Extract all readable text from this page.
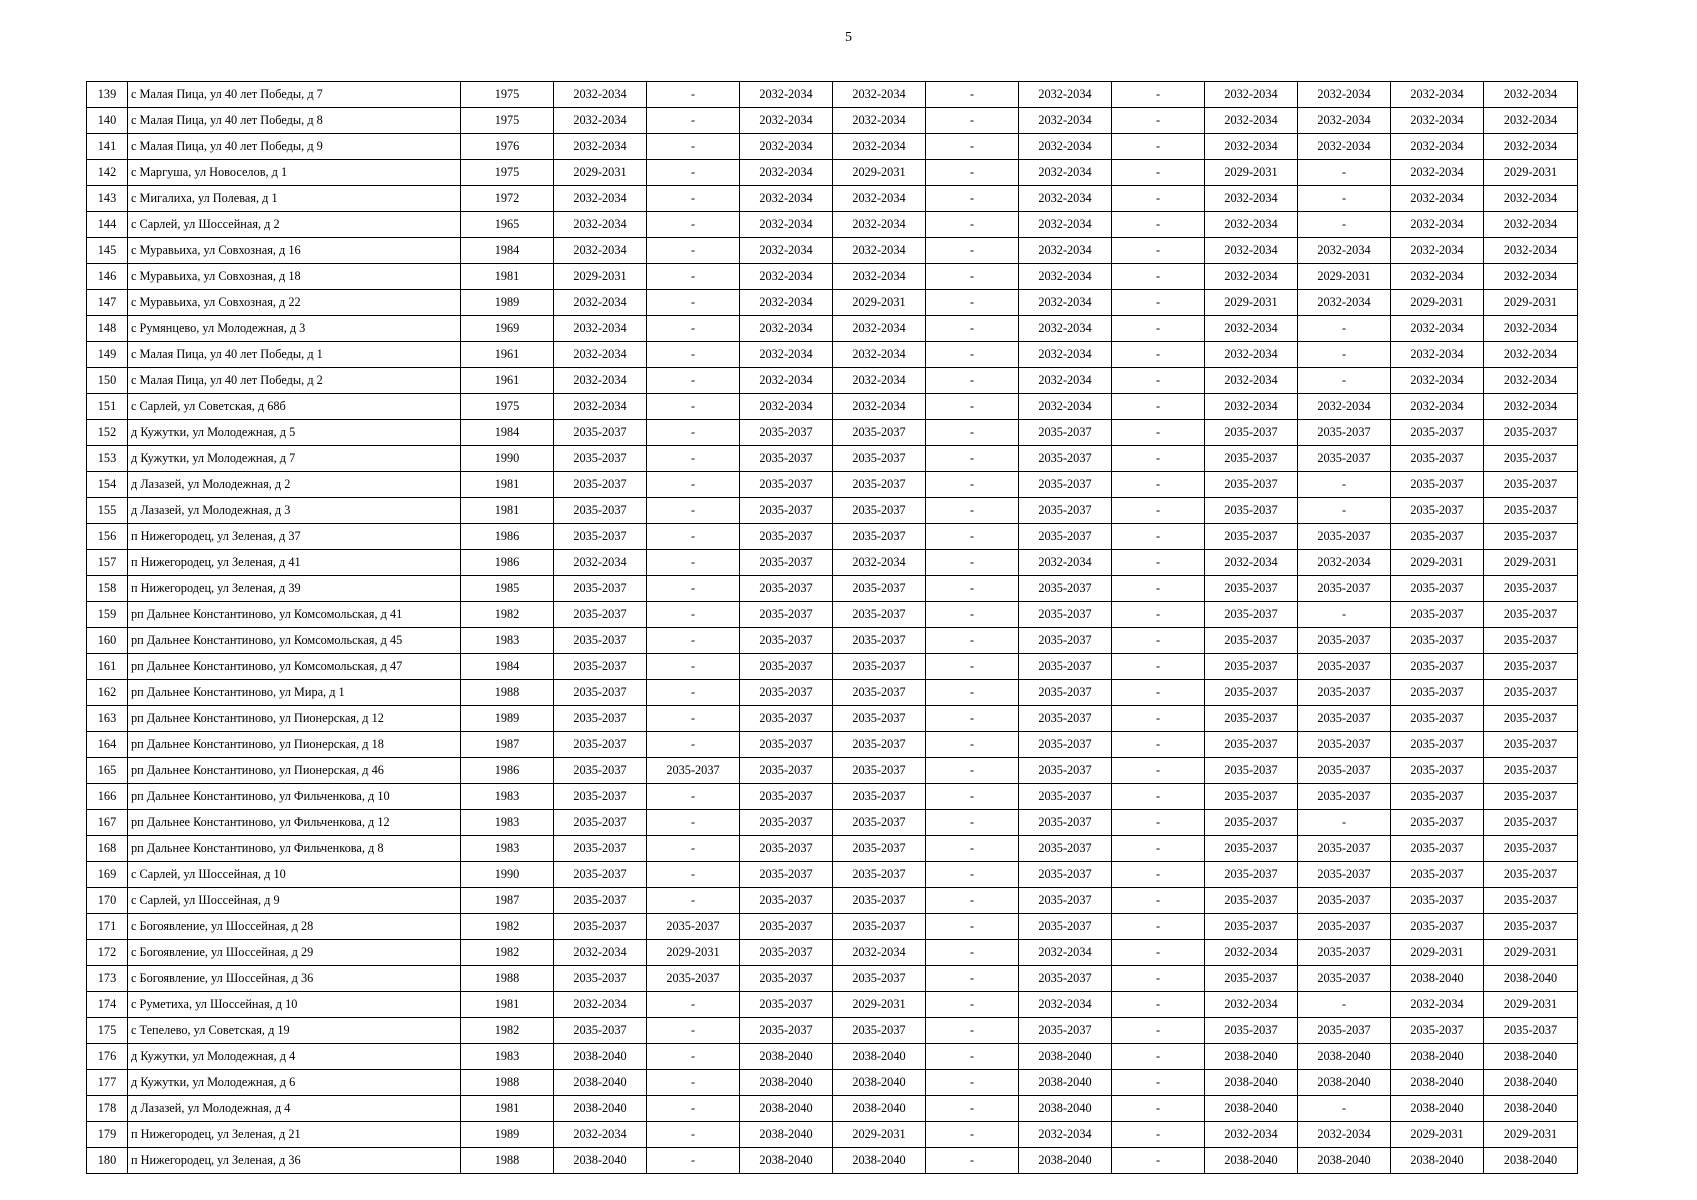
5
139	с Малая Пица, ул 40 лет Победы, д 7	1975	2032-2034	-	2032-2034	2032-2034	-	2032-2034	-	2032-2034	2032-2034	2032-2034	2032-2034
140	с Малая Пица, ул 40 лет Победы, д 8	1975	2032-2034	-	2032-2034	2032-2034	-	2032-2034	-	2032-2034	2032-2034	2032-2034	2032-2034
141	с Малая Пица, ул 40 лет Победы, д 9	1976	2032-2034	-	2032-2034	2032-2034	-	2032-2034	-	2032-2034	2032-2034	2032-2034	2032-2034
142	с Маргуша, ул Новоселов, д 1	1975	2029-2031	-	2032-2034	2029-2031	-	2032-2034	-	2029-2031	-	2032-2034	2029-2031
143	с Мигалиха, ул Полевая, д 1	1972	2032-2034	-	2032-2034	2032-2034	-	2032-2034	-	2032-2034	-	2032-2034	2032-2034
144	с Сарлей, ул Шоссейная, д 2	1965	2032-2034	-	2032-2034	2032-2034	-	2032-2034	-	2032-2034	-	2032-2034	2032-2034
145	с Муравьиха, ул Совхозная, д 16	1984	2032-2034	-	2032-2034	2032-2034	-	2032-2034	-	2032-2034	2032-2034	2032-2034	2032-2034
146	с Муравьиха, ул Совхозная, д 18	1981	2029-2031	-	2032-2034	2032-2034	-	2032-2034	-	2032-2034	2029-2031	2032-2034	2032-2034
147	с Муравьиха, ул Совхозная, д 22	1989	2032-2034	-	2032-2034	2029-2031	-	2032-2034	-	2029-2031	2032-2034	2029-2031	2029-2031
148	с Румянцево, ул Молодежная, д 3	1969	2032-2034	-	2032-2034	2032-2034	-	2032-2034	-	2032-2034	-	2032-2034	2032-2034
149	с Малая Пица, ул 40 лет Победы, д 1	1961	2032-2034	-	2032-2034	2032-2034	-	2032-2034	-	2032-2034	-	2032-2034	2032-2034
150	с Малая Пица, ул 40 лет Победы, д 2	1961	2032-2034	-	2032-2034	2032-2034	-	2032-2034	-	2032-2034	-	2032-2034	2032-2034
151	с Сарлей, ул Советская, д 68б	1975	2032-2034	-	2032-2034	2032-2034	-	2032-2034	-	2032-2034	2032-2034	2032-2034	2032-2034
152	д Кужутки, ул Молодежная, д 5	1984	2035-2037	-	2035-2037	2035-2037	-	2035-2037	-	2035-2037	2035-2037	2035-2037	2035-2037
153	д Кужутки, ул Молодежная, д 7	1990	2035-2037	-	2035-2037	2035-2037	-	2035-2037	-	2035-2037	2035-2037	2035-2037	2035-2037
154	д Лазазей, ул Молодежная, д 2	1981	2035-2037	-	2035-2037	2035-2037	-	2035-2037	-	2035-2037	-	2035-2037	2035-2037
155	д Лазазей, ул Молодежная, д 3	1981	2035-2037	-	2035-2037	2035-2037	-	2035-2037	-	2035-2037	-	2035-2037	2035-2037
156	п Нижегородец, ул Зеленая, д 37	1986	2035-2037	-	2035-2037	2035-2037	-	2035-2037	-	2035-2037	2035-2037	2035-2037	2035-2037
157	п Нижегородец, ул Зеленая, д 41	1986	2032-2034	-	2035-2037	2032-2034	-	2032-2034	-	2032-2034	2032-2034	2029-2031	2029-2031
158	п Нижегородец, ул Зеленая, д 39	1985	2035-2037	-	2035-2037	2035-2037	-	2035-2037	-	2035-2037	2035-2037	2035-2037	2035-2037
159	рп Дальнее Константиново, ул Комсомольская, д 41	1982	2035-2037	-	2035-2037	2035-2037	-	2035-2037	-	2035-2037	-	2035-2037	2035-2037
160	рп Дальнее Константиново, ул Комсомольская, д 45	1983	2035-2037	-	2035-2037	2035-2037	-	2035-2037	-	2035-2037	2035-2037	2035-2037	2035-2037
161	рп Дальнее Константиново, ул Комсомольская, д 47	1984	2035-2037	-	2035-2037	2035-2037	-	2035-2037	-	2035-2037	2035-2037	2035-2037	2035-2037
162	рп Дальнее Константиново, ул Мира, д 1	1988	2035-2037	-	2035-2037	2035-2037	-	2035-2037	-	2035-2037	2035-2037	2035-2037	2035-2037
163	рп Дальнее Константиново, ул Пионерская, д 12	1989	2035-2037	-	2035-2037	2035-2037	-	2035-2037	-	2035-2037	2035-2037	2035-2037	2035-2037
164	рп Дальнее Константиново, ул Пионерская, д 18	1987	2035-2037	-	2035-2037	2035-2037	-	2035-2037	-	2035-2037	2035-2037	2035-2037	2035-2037
165	рп Дальнее Константиново, ул Пионерская, д 46	1986	2035-2037	2035-2037	2035-2037	2035-2037	-	2035-2037	-	2035-2037	2035-2037	2035-2037	2035-2037
166	рп Дальнее Константиново, ул Фильченкова, д 10	1983	2035-2037	-	2035-2037	2035-2037	-	2035-2037	-	2035-2037	2035-2037	2035-2037	2035-2037
167	рп Дальнее Константиново, ул Фильченкова, д 12	1983	2035-2037	-	2035-2037	2035-2037	-	2035-2037	-	2035-2037	-	2035-2037	2035-2037
168	рп Дальнее Константиново, ул Фильченкова, д 8	1983	2035-2037	-	2035-2037	2035-2037	-	2035-2037	-	2035-2037	2035-2037	2035-2037	2035-2037
169	с Сарлей, ул Шоссейная, д 10	1990	2035-2037	-	2035-2037	2035-2037	-	2035-2037	-	2035-2037	2035-2037	2035-2037	2035-2037
170	с Сарлей, ул Шоссейная, д 9	1987	2035-2037	-	2035-2037	2035-2037	-	2035-2037	-	2035-2037	2035-2037	2035-2037	2035-2037
171	с Богоявление, ул Шоссейная, д 28	1982	2035-2037	2035-2037	2035-2037	2035-2037	-	2035-2037	-	2035-2037	2035-2037	2035-2037	2035-2037
172	с Богоявление, ул Шоссейная, д 29	1982	2032-2034	2029-2031	2035-2037	2032-2034	-	2032-2034	-	2032-2034	2035-2037	2029-2031	2029-2031
173	с Богоявление, ул Шоссейная, д 36	1988	2035-2037	2035-2037	2035-2037	2035-2037	-	2035-2037	-	2035-2037	2035-2037	2038-2040	2038-2040
174	с Руметиха, ул Шоссейная, д 10	1981	2032-2034	-	2035-2037	2029-2031	-	2032-2034	-	2032-2034	-	2032-2034	2029-2031
175	с Тепелево, ул Советская, д 19	1982	2035-2037	-	2035-2037	2035-2037	-	2035-2037	-	2035-2037	2035-2037	2035-2037	2035-2037
176	д Кужутки, ул Молодежная, д 4	1983	2038-2040	-	2038-2040	2038-2040	-	2038-2040	-	2038-2040	2038-2040	2038-2040	2038-2040
177	д Кужутки, ул Молодежная, д 6	1988	2038-2040	-	2038-2040	2038-2040	-	2038-2040	-	2038-2040	2038-2040	2038-2040	2038-2040
178	д Лазазей, ул Молодежная, д 4	1981	2038-2040	-	2038-2040	2038-2040	-	2038-2040	-	2038-2040	-	2038-2040	2038-2040
179	п Нижегородец, ул Зеленая, д 21	1989	2032-2034	-	2038-2040	2029-2031	-	2032-2034	-	2032-2034	2032-2034	2029-2031	2029-2031
180	п Нижегородец, ул Зеленая, д 36	1988	2038-2040	-	2038-2040	2038-2040	-	2038-2040	-	2038-2040	2038-2040	2038-2040	2038-2040
